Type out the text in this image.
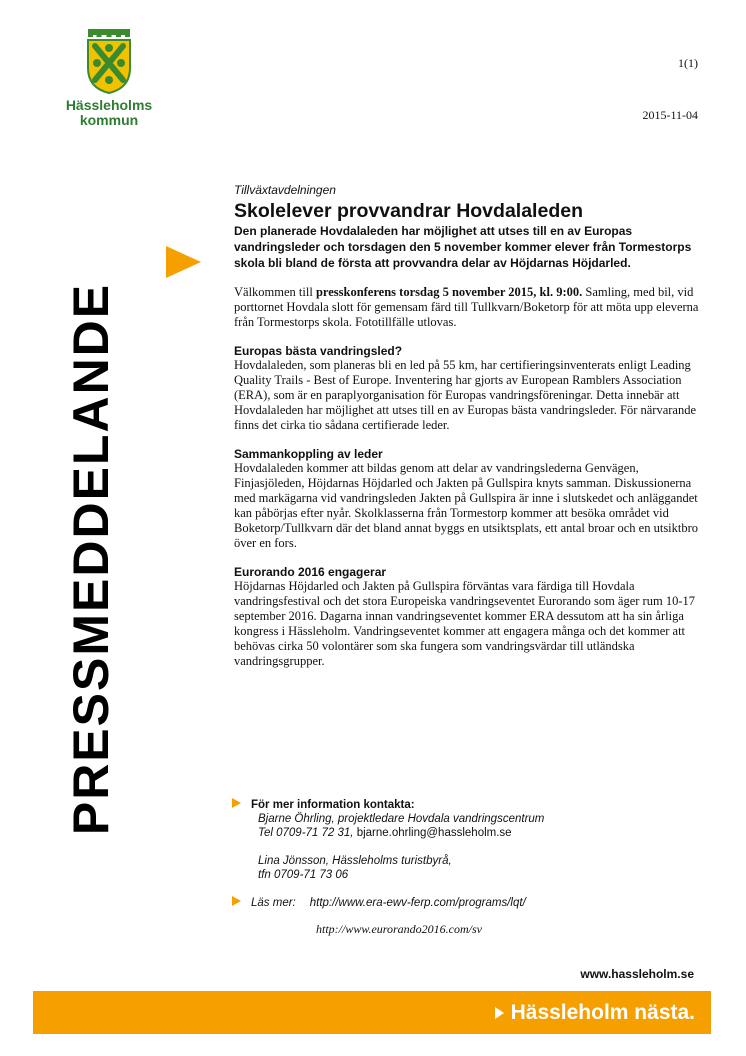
Hässleholms
kommun
1(1)
2015-11-04
PRESSMEDDELANDE
Tillväxtavdelningen
Skolelever provvandrar Hovdalaleden
Den planerade Hovdalaleden har möjlighet att utses till en av Europas vandringsleder och torsdagen den 5 november kommer elever från Tormestorps skola bli bland de första att provvandra delar av Höjdarnas Höjdarled.
Välkommen till presskonferens torsdag 5 november 2015, kl. 9:00. Samling, med bil, vid porttornet Hovdala slott för gemensam färd till Tullkvarn/Boketorp för att möta upp eleverna från Tormestorps skola. Fototillfälle utlovas.
Europas bästa vandringsled?
Hovdalaleden, som planeras bli en led på 55 km, har certifieringsinventerats enligt Leading Quality Trails - Best of Europe. Inventering har gjorts av European Ramblers Association (ERA), som är en paraplyorganisation för Europas vandringsföreningar. Detta innebär att Hovdalaleden har möjlighet att utses till en av Europas bästa vandringsleder. För närvarande finns det cirka tio sådana certifierade leder.
Sammankoppling av leder
Hovdalaleden kommer att bildas genom att delar av vandringslederna Genvägen, Finjasjöleden, Höjdarnas Höjdarled och Jakten på Gullspira knyts samman. Diskussionerna med markägarna vid vandringsleden Jakten på Gullspira är inne i slutskedet och anläggandet kan påbörjas efter nyår. Skolklasserna från Tormestorp kommer att besöka området vid Boketorp/Tullkvarn där det bland annat byggs en utsiktsplats, ett antal broar och en utsiktbro över en fors.
Eurorando 2016 engagerar
Höjdarnas Höjdarled och Jakten på Gullspira förväntas vara färdiga till Hovdala vandringsfestival och det stora Europeiska vandringseventet Eurorando som äger rum 10-17 september 2016. Dagarna innan vandringseventet kommer ERA dessutom att ha sin årliga kongress i Hässleholm. Vandringseventet kommer att engagera många och det kommer att behövas cirka 50 volontärer som ska fungera som vandringsvärdar till utländska vandringsgrupper.
För mer information kontakta:
Bjarne Öhrling, projektledare Hovdala vandringscentrum
Tel 0709-71 72 31, bjarne.ohrling@hassleholm.se
Lina Jönsson, Hässleholms turistbyrå,
tfn 0709-71 73 06
Läs mer: http://www.era-ewv-ferp.com/programs/lqt/
http://www.eurorando2016.com/sv
www.hassleholm.se
Hässleholm nästa.
